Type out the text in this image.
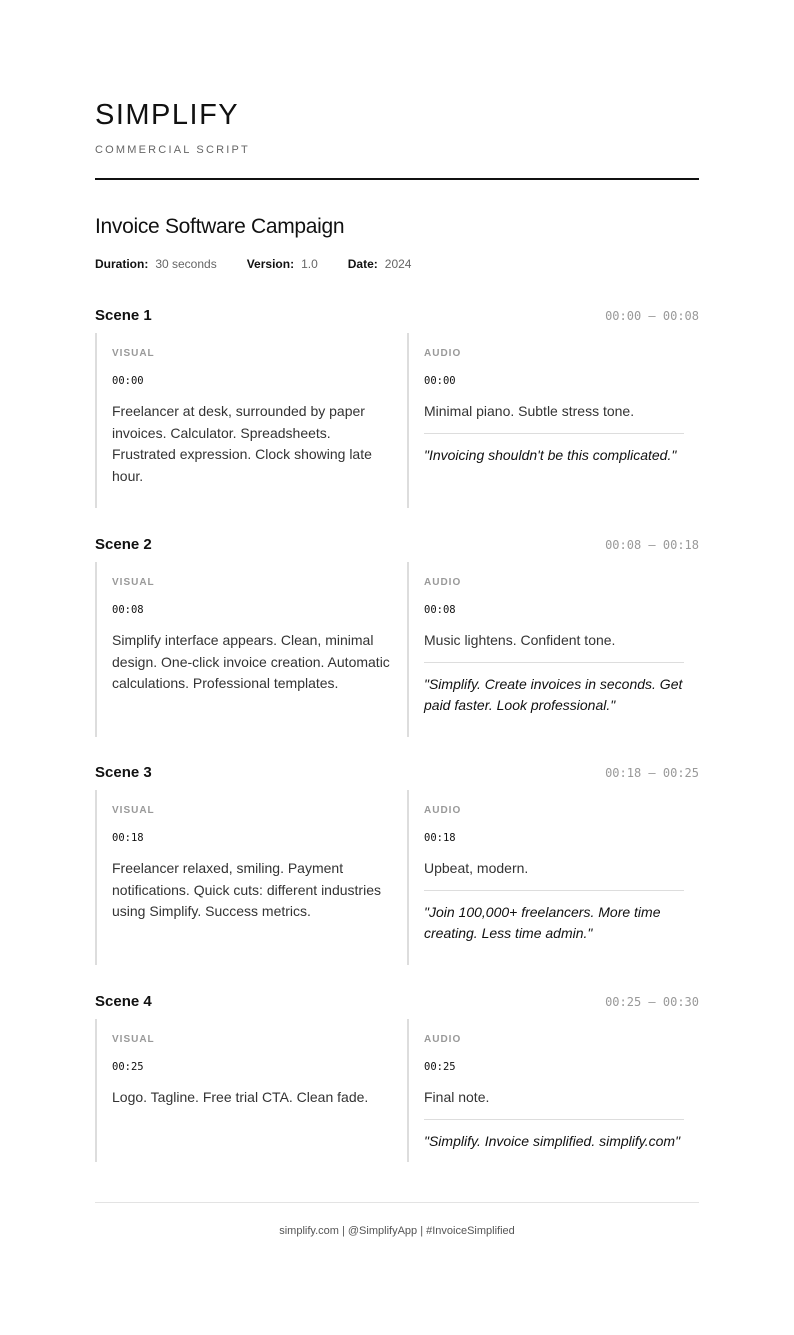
SIMPLIFY
COMMERCIAL SCRIPT
Invoice Software Campaign
Duration: 30 seconds	Version: 1.0	Date: 2024
Scene 1	00:00 – 00:08
VISUAL
00:00
Freelancer at desk, surrounded by paper invoices. Calculator. Spreadsheets. Frustrated expression. Clock showing late hour.
AUDIO
00:00
Minimal piano. Subtle stress tone.
"Invoicing shouldn't be this complicated."
Scene 2	00:08 – 00:18
VISUAL
00:08
Simplify interface appears. Clean, minimal design. One-click invoice creation. Automatic calculations. Professional templates.
AUDIO
00:08
Music lightens. Confident tone.
"Simplify. Create invoices in seconds. Get paid faster. Look professional."
Scene 3	00:18 – 00:25
VISUAL
00:18
Freelancer relaxed, smiling. Payment notifications. Quick cuts: different industries using Simplify. Success metrics.
AUDIO
00:18
Upbeat, modern.
"Join 100,000+ freelancers. More time creating. Less time admin."
Scene 4	00:25 – 00:30
VISUAL
00:25
Logo. Tagline. Free trial CTA. Clean fade.
AUDIO
00:25
Final note.
"Simplify. Invoice simplified. simplify.com"
simplify.com | @SimplifyApp | #InvoiceSimplified
